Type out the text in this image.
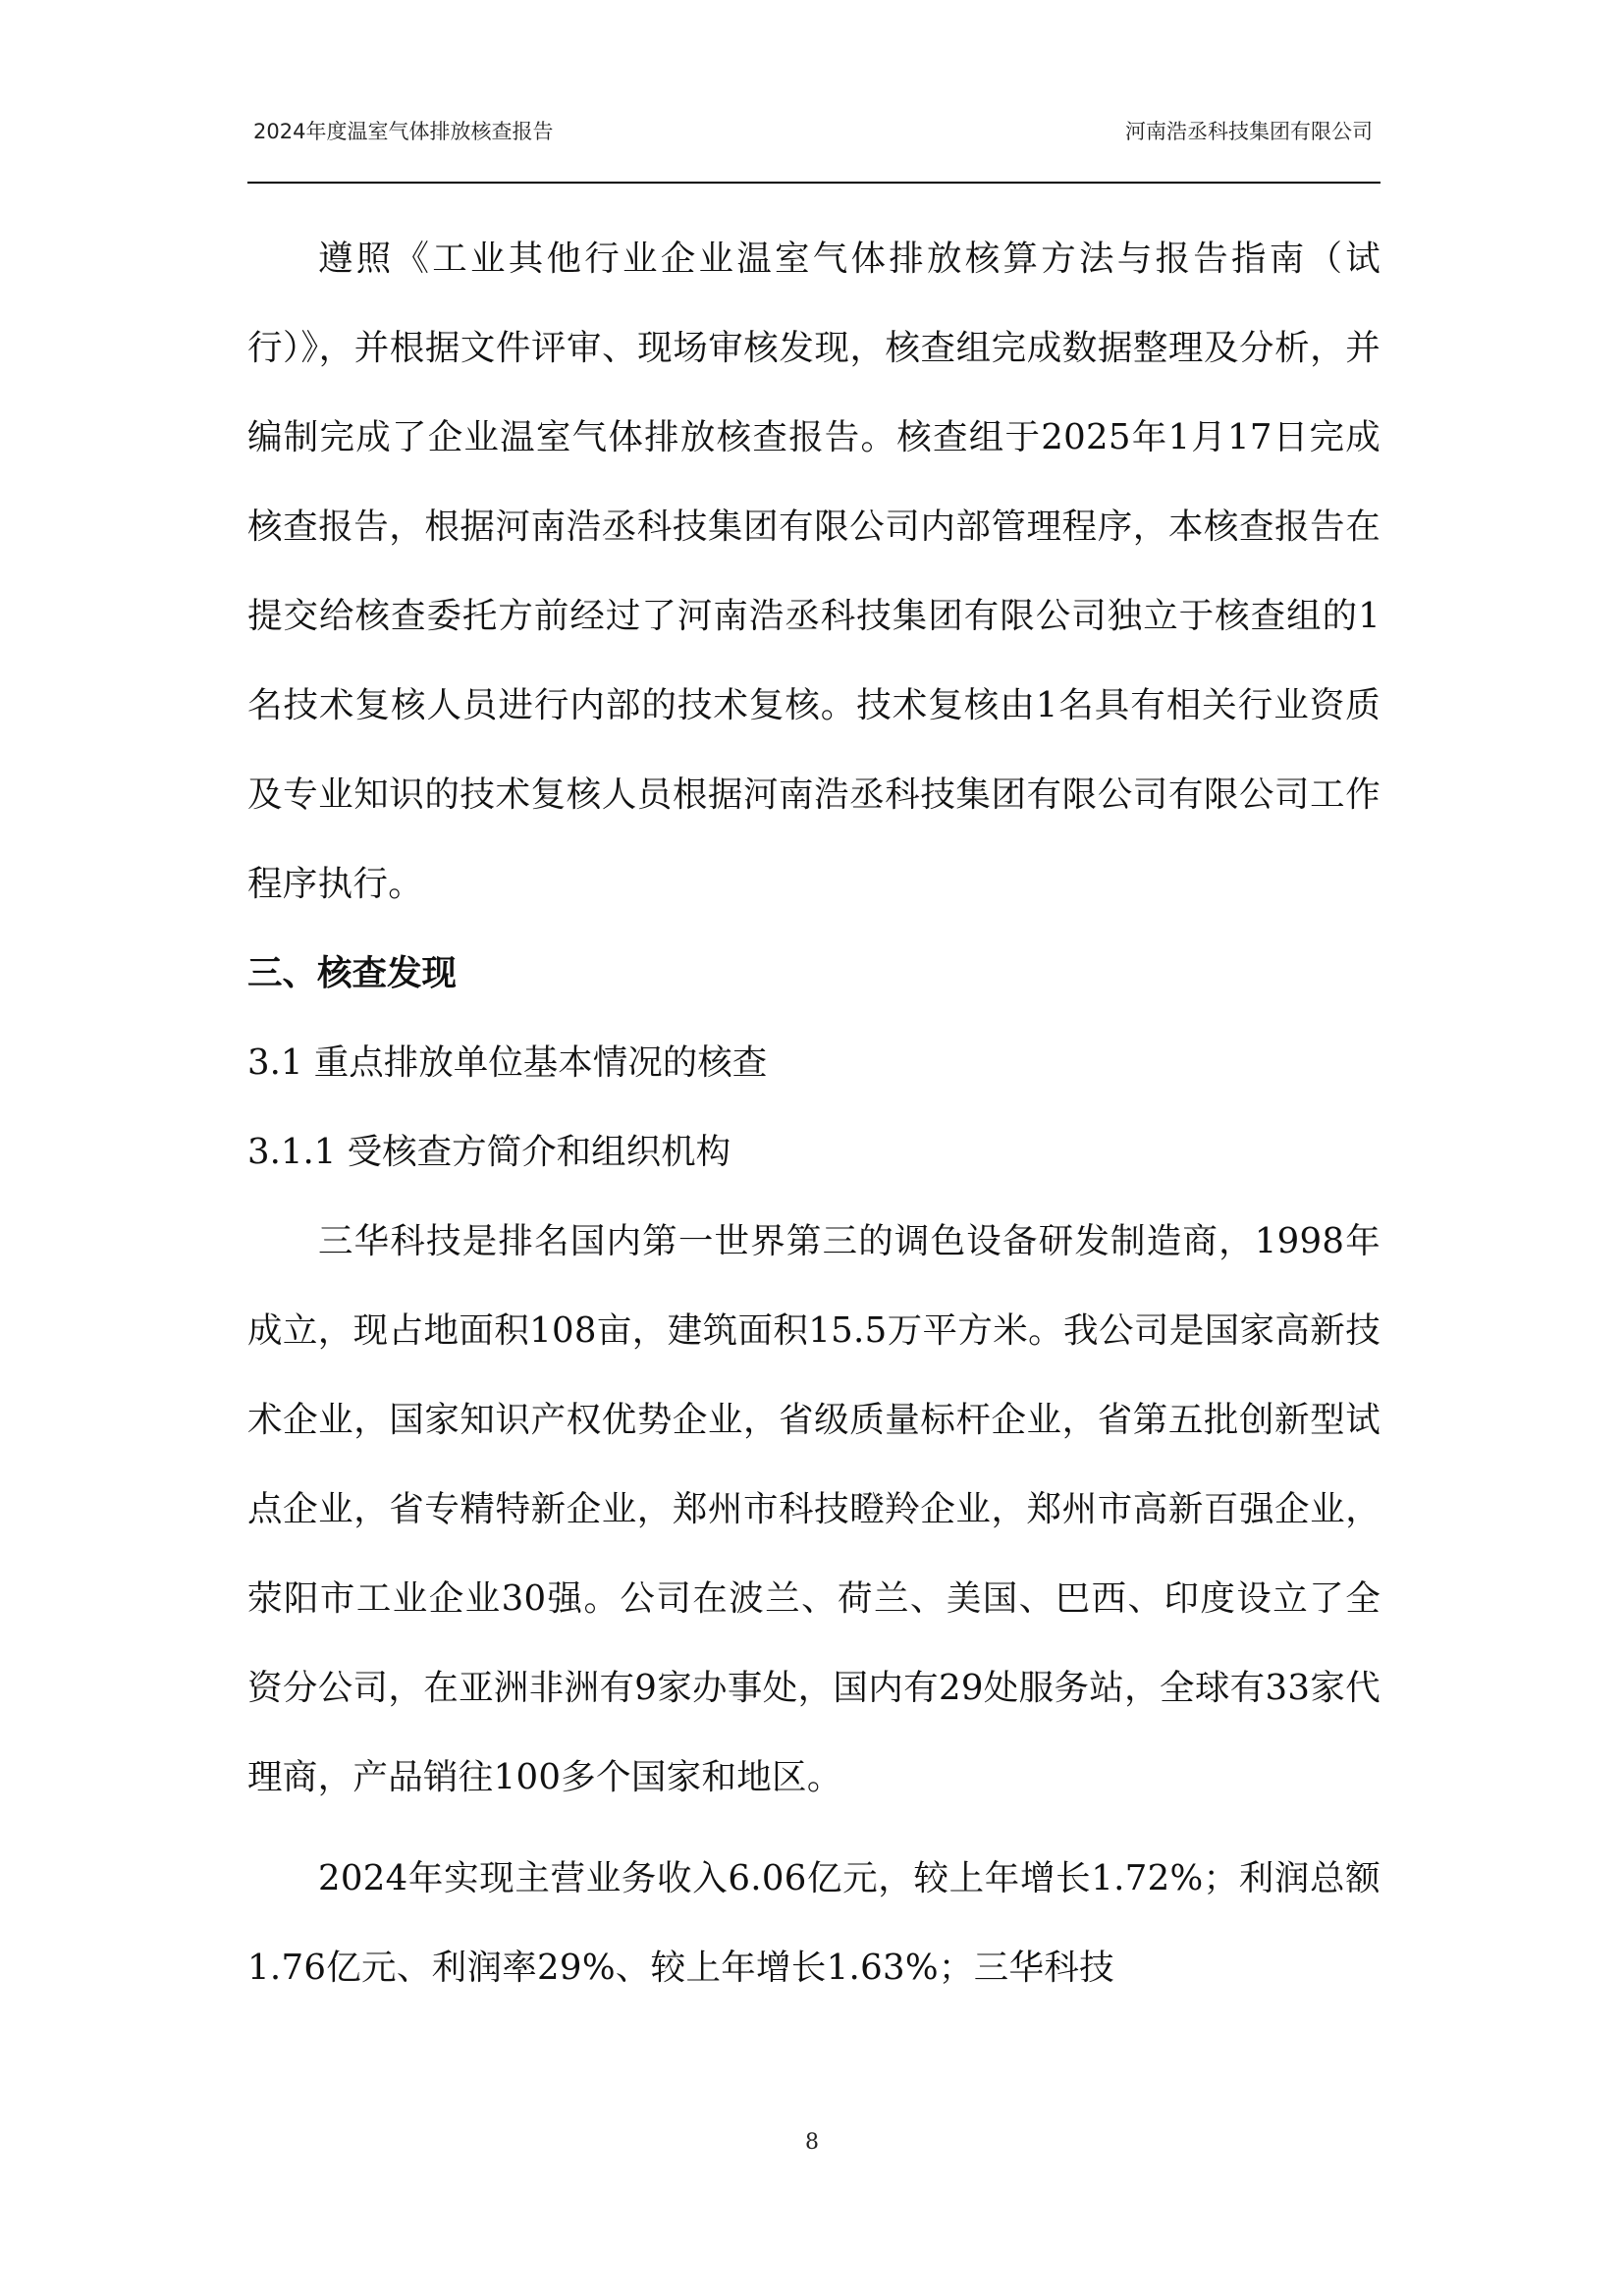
2024年度温室气体排放核查报告	河南浩丞科技集团有限公司

遵照《工业其他行业企业温室气体排放核算方法与报告指南（试行）》，并根据文件评审、现场审核发现，核查组完成数据整理及分析，并编制完成了企业温室气体排放核查报告。核查组于2025年1月17日完成核查报告，根据河南浩丞科技集团有限公司内部管理程序，本核查报告在提交给核查委托方前经过了河南浩丞科技集团有限公司独立于核查组的1名技术复核人员进行内部的技术复核。技术复核由1名具有相关行业资质及专业知识的技术复核人员根据河南浩丞科技集团有限公司有限公司工作程序执行。

三、核查发现
3.1 重点排放单位基本情况的核查
3.1.1 受核查方简介和组织机构

三华科技是排名国内第一世界第三的调色设备研发制造商，1998年成立，现占地面积108亩，建筑面积15.5万平方米。我公司是国家高新技术企业，国家知识产权优势企业，省级质量标杆企业，省第五批创新型试点企业，省专精特新企业，郑州市科技瞪羚企业，郑州市高新百强企业，荥阳市工业企业30强。公司在波兰、荷兰、美国、巴西、印度设立了全资分公司，在亚洲非洲有9家办事处，国内有29处服务站，全球有33家代理商，产品销往100多个国家和地区。

2024年实现主营业务收入6.06亿元，较上年增长1.72%；利润总额1.76亿元、利润率29%、较上年增长1.63%；三华科技

8
